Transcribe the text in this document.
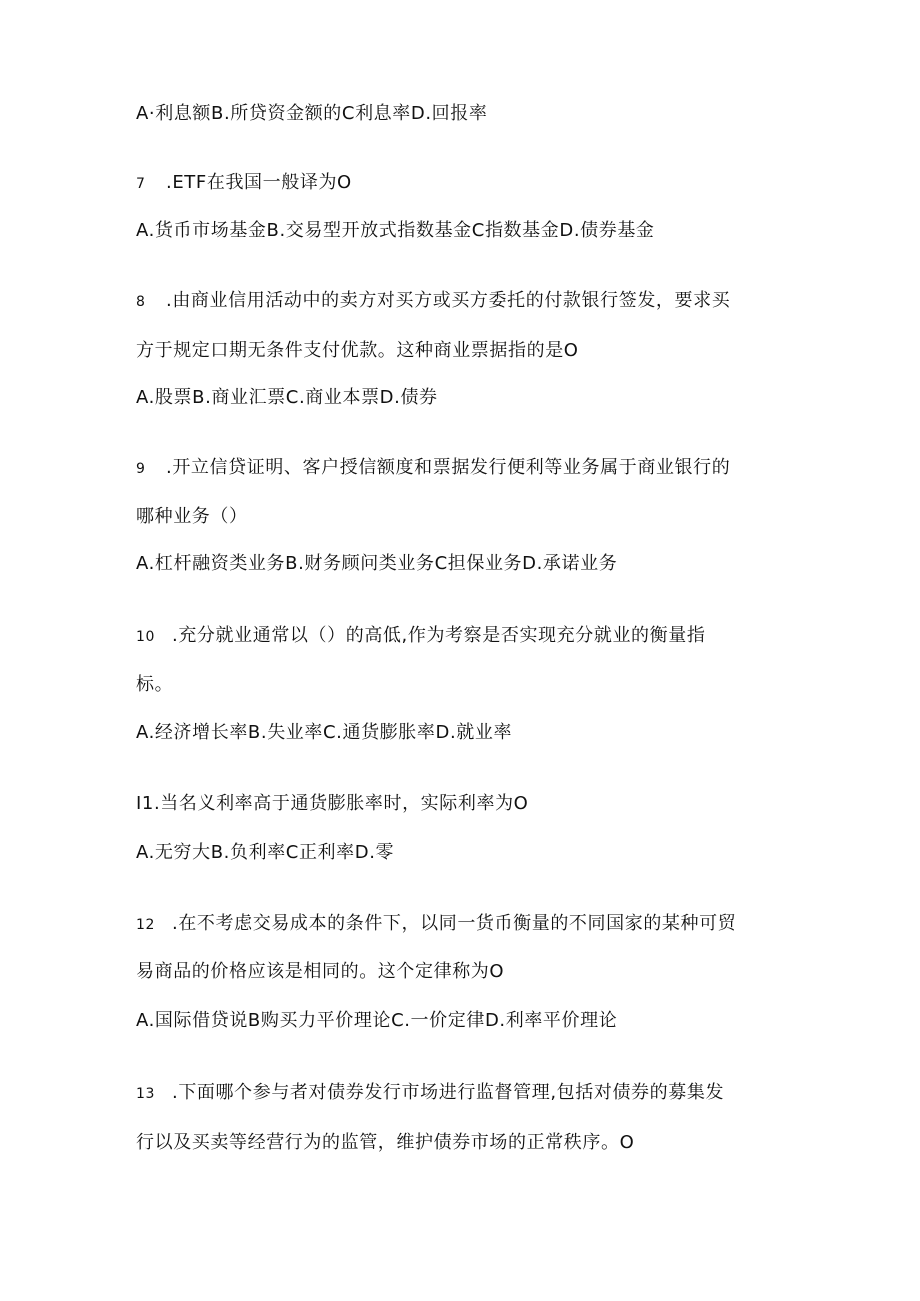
A·利息额B.所贷资金额的C利息率D.回报率
7 .ETF在我国一般译为O
A.货币市场基金B.交易型开放式指数基金C指数基金D.债券基金
8 .由商业信用活动中的卖方对买方或买方委托的付款银行签发，要求买
方于规定口期无条件支付优款。这种商业票据指的是O
A.股票B.商业汇票C.商业本票D.债券
9 .开立信贷证明、客户授信额度和票据发行便利等业务属于商业银行的
哪种业务（）
A.杠杆融资类业务B.财务顾问类业务C担保业务D.承诺业务
10 .充分就业通常以（）的高低,作为考察是否实现充分就业的衡量指
标。
A.经济增长率B.失业率C.通货膨胀率D.就业率
I1.当名义利率高于通货膨胀率时，实际利率为O
A.无穷大B.负利率C正利率D.零
12 .在不考虑交易成本的条件下，以同一货币衡量的不同国家的某种可贸
易商品的价格应该是相同的。这个定律称为O
A.国际借贷说B购买力平价理论C.一价定律D.利率平价理论
13 .下面哪个参与者对债券发行市场进行监督管理,包括对债券的募集发
行以及买卖等经营行为的监管，维护债券市场的正常秩序。O
